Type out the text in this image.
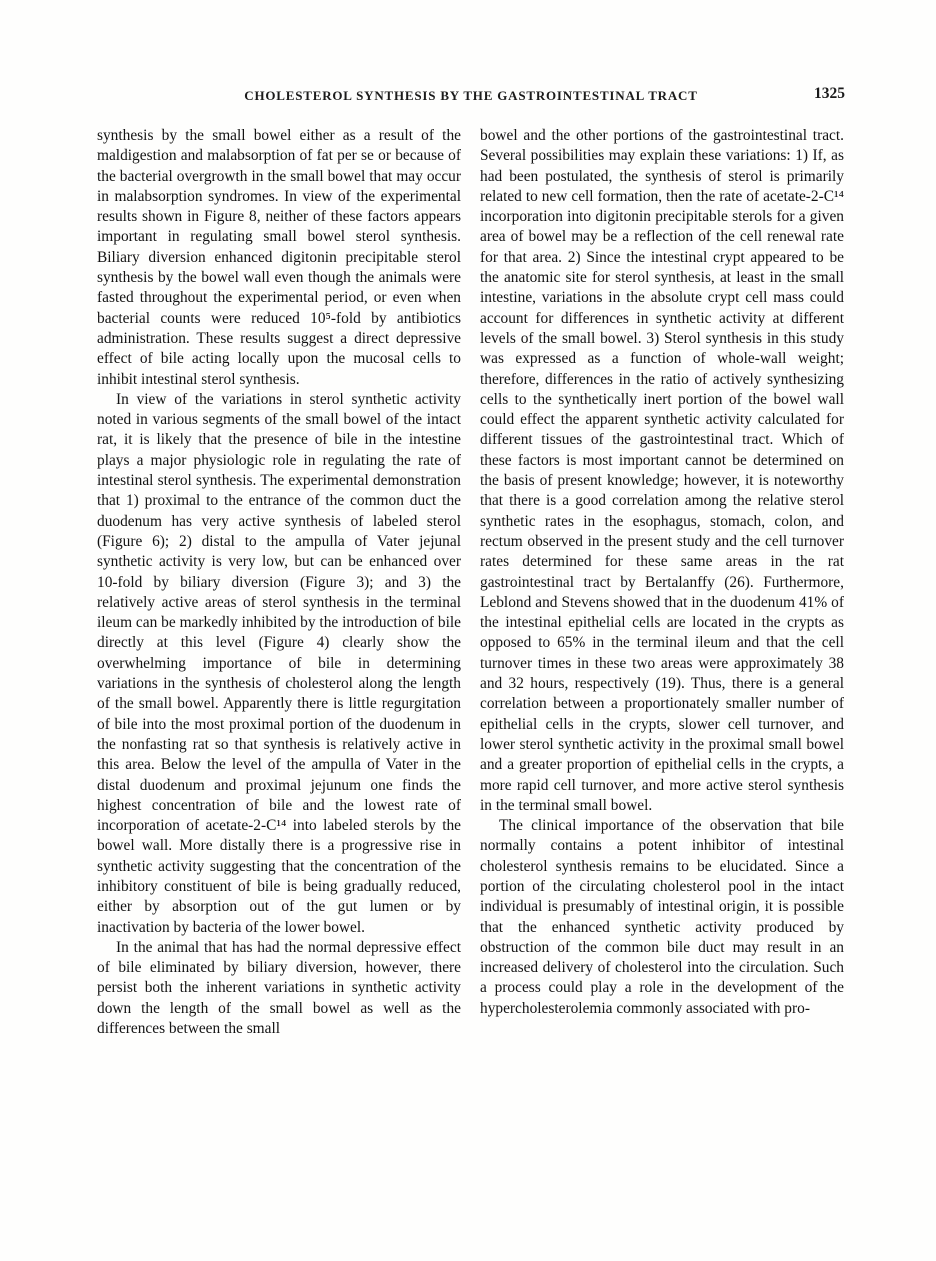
CHOLESTEROL SYNTHESIS BY THE GASTROINTESTINAL TRACT	1325

synthesis by the small bowel either as a result of the maldigestion and malabsorption of fat per se or because of the bacterial overgrowth in the small bowel that may occur in malabsorption syndromes. In view of the experimental results shown in Figure 8, neither of these factors appears important in regulating small bowel sterol synthesis. Biliary diversion enhanced digitonin precipitable sterol synthesis by the bowel wall even though the animals were fasted throughout the experimental period, or even when bacterial counts were reduced 10⁵-fold by antibiotics administration. These results suggest a direct depressive effect of bile acting locally upon the mucosal cells to inhibit intestinal sterol synthesis.

In view of the variations in sterol synthetic activity noted in various segments of the small bowel of the intact rat, it is likely that the presence of bile in the intestine plays a major physiologic role in regulating the rate of intestinal sterol synthesis. The experimental demonstration that 1) proximal to the entrance of the common duct the duodenum has very active synthesis of labeled sterol (Figure 6); 2) distal to the ampulla of Vater jejunal synthetic activity is very low, but can be enhanced over 10-fold by biliary diversion (Figure 3); and 3) the relatively active areas of sterol synthesis in the terminal ileum can be markedly inhibited by the introduction of bile directly at this level (Figure 4) clearly show the overwhelming importance of bile in determining variations in the synthesis of cholesterol along the length of the small bowel. Apparently there is little regurgitation of bile into the most proximal portion of the duodenum in the nonfasting rat so that synthesis is relatively active in this area. Below the level of the ampulla of Vater in the distal duodenum and proximal jejunum one finds the highest concentration of bile and the lowest rate of incorporation of acetate-2-C¹⁴ into labeled sterols by the bowel wall. More distally there is a progressive rise in synthetic activity suggesting that the concentration of the inhibitory constituent of bile is being gradually reduced, either by absorption out of the gut lumen or by inactivation by bacteria of the lower bowel.

In the animal that has had the normal depressive effect of bile eliminated by biliary diversion, however, there persist both the inherent variations in synthetic activity down the length of the small bowel as well as the differences between the small

bowel and the other portions of the gastrointestinal tract. Several possibilities may explain these variations: 1) If, as had been postulated, the synthesis of sterol is primarily related to new cell formation, then the rate of acetate-2-C¹⁴ incorporation into digitonin precipitable sterols for a given area of bowel may be a reflection of the cell renewal rate for that area. 2) Since the intestinal crypt appeared to be the anatomic site for sterol synthesis, at least in the small intestine, variations in the absolute crypt cell mass could account for differences in synthetic activity at different levels of the small bowel. 3) Sterol synthesis in this study was expressed as a function of whole-wall weight; therefore, differences in the ratio of actively synthesizing cells to the synthetically inert portion of the bowel wall could effect the apparent synthetic activity calculated for different tissues of the gastrointestinal tract. Which of these factors is most important cannot be determined on the basis of present knowledge; however, it is noteworthy that there is a good correlation among the relative sterol synthetic rates in the esophagus, stomach, colon, and rectum observed in the present study and the cell turnover rates determined for these same areas in the rat gastrointestinal tract by Bertalanffy (26). Furthermore, Leblond and Stevens showed that in the duodenum 41% of the intestinal epithelial cells are located in the crypts as opposed to 65% in the terminal ileum and that the cell turnover times in these two areas were approximately 38 and 32 hours, respectively (19). Thus, there is a general correlation between a proportionately smaller number of epithelial cells in the crypts, slower cell turnover, and lower sterol synthetic activity in the proximal small bowel and a greater proportion of epithelial cells in the crypts, a more rapid cell turnover, and more active sterol synthesis in the terminal small bowel.

The clinical importance of the observation that bile normally contains a potent inhibitor of intestinal cholesterol synthesis remains to be elucidated. Since a portion of the circulating cholesterol pool in the intact individual is presumably of intestinal origin, it is possible that the enhanced synthetic activity produced by obstruction of the common bile duct may result in an increased delivery of cholesterol into the circulation. Such a process could play a role in the development of the hypercholesterolemia commonly associated with pro-
